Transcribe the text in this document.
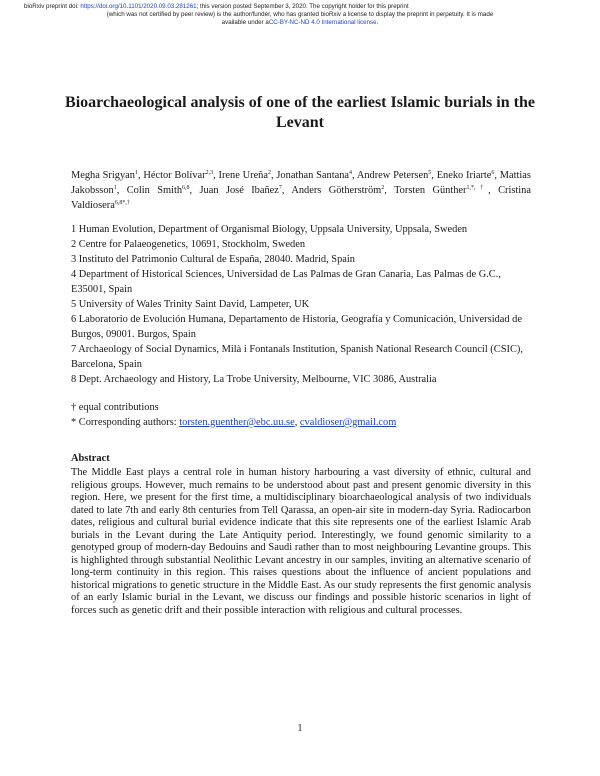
bioRxiv preprint doi: https://doi.org/10.1101/2020.09.03.281261; this version posted September 3, 2020. The copyright holder for this preprint
(which was not certified by peer review) is the author/funder, who has granted bioRxiv a license to display the preprint in perpetuity. It is made
available under aCC-BY-NC-ND 4.0 International license.
Bioarchaeological analysis of one of the earliest Islamic burials in the Levant
Megha Srigyan$^1$, Héctor Bolívar$^{2,3}$, Irene Ureña$^2$, Jonathan Santana$^4$, Andrew Petersen$^5$, Eneko Iriarte$^6$, Mattias Jakobsson$^1$, Colin Smith$^{6,8}$, Juan José Ibañez$^7$, Anders Götherström$^2$, Torsten Günther$^{1,*,\dagger}$, Cristina Valdiosera$^{6,8*,\dagger}$
1 Human Evolution, Department of Organismal Biology, Uppsala University, Uppsala, Sweden
2 Centre for Palaeogenetics, 10691, Stockholm, Sweden
3 Instituto del Patrimonio Cultural de España, 28040. Madrid, Spain
4 Department of Historical Sciences, Universidad de Las Palmas de Gran Canaria, Las Palmas de G.C., E35001, Spain
5 University of Wales Trinity Saint David, Lampeter, UK
6 Laboratorio de Evolución Humana, Departamento de Historia, Geografía y Comunicación, Universidad de Burgos, 09001. Burgos, Spain
7 Archaeology of Social Dynamics, Milà i Fontanals Institution, Spanish National Research Council (CSIC), Barcelona, Spain
8 Dept. Archaeology and History, La Trobe University, Melbourne, VIC 3086, Australia
† equal contributions
* Corresponding authors: torsten.guenther@ebc.uu.se, cvaldioser@gmail.com
Abstract
The Middle East plays a central role in human history harbouring a vast diversity of ethnic, cultural and religious groups. However, much remains to be understood about past and present genomic diversity in this region. Here, we present for the first time, a multidisciplinary bioarchaeological analysis of two individuals dated to late 7th and early 8th centuries from Tell Qarassa, an open-air site in modern-day Syria. Radiocarbon dates, religious and cultural burial evidence indicate that this site represents one of the earliest Islamic Arab burials in the Levant during the Late Antiquity period. Interestingly, we found genomic similarity to a genotyped group of modern-day Bedouins and Saudi rather than to most neighbouring Levantine groups. This is highlighted through substantial Neolithic Levant ancestry in our samples, inviting an alternative scenario of long-term continuity in this region. This raises questions about the influence of ancient populations and historical migrations to genetic structure in the Middle East. As our study represents the first genomic analysis of an early Islamic burial in the Levant, we discuss our findings and possible historic scenarios in light of forces such as genetic drift and their possible interaction with religious and cultural processes.
1
